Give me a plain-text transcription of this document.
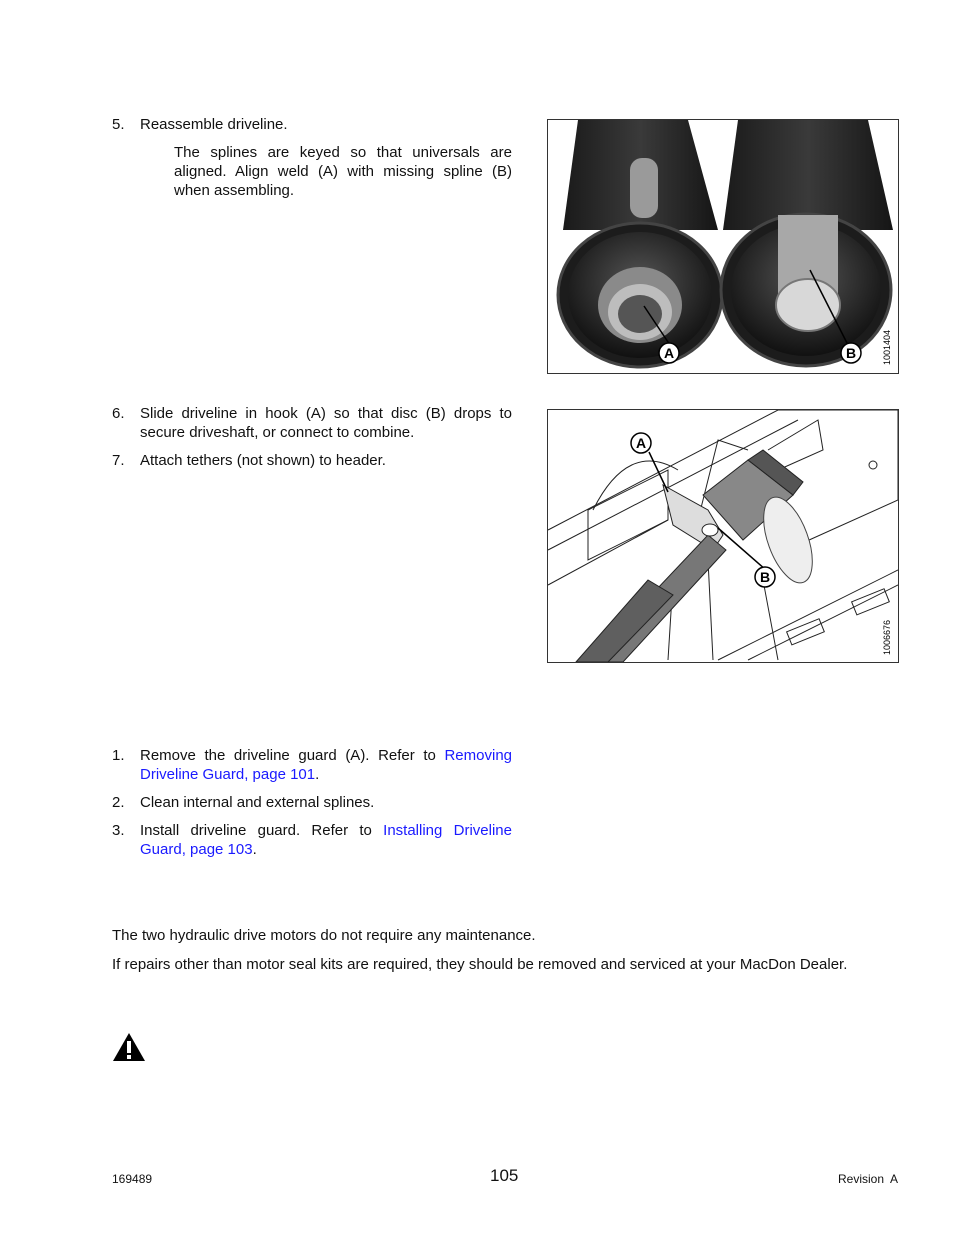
5. Reassemble driveline.
The splines are keyed so that universals are aligned. Align weld (A) with missing spline (B) when assembling.
A	B	1001404
6. Slide driveline in hook (A) so that disc (B) drops to secure driveshaft, or connect to combine.
7. Attach tethers (not shown) to header.
A
B
1006676
1. Remove the driveline guard (A). Refer to Removing Driveline Guard, page 101.
2. Clean internal and external splines.
3. Install driveline guard. Refer to Installing Driveline Guard, page 103.
The two hydraulic drive motors do not require any maintenance.
If repairs other than motor seal kits are required, they should be removed and serviced at your MacDon Dealer.
169489	105	Revision  A
